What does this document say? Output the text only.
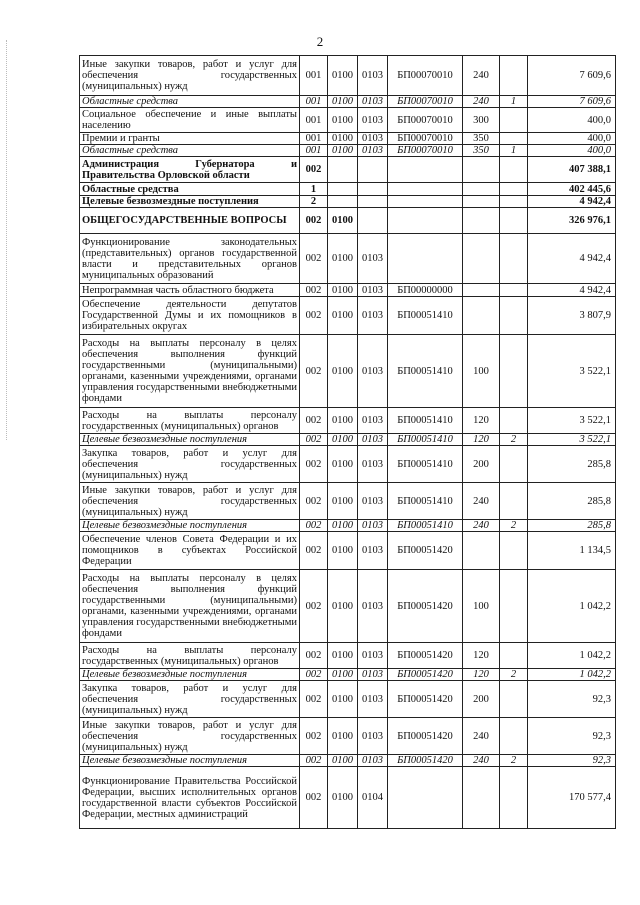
2
Иные закупки товаров, работ и услуг для обеспечения государственных (муниципальных) нужд	001	0100	0103	БП00070010	240		7 609,6
Областные средства	001	0100	0103	БП00070010	240	1	7 609,6
Социальное обеспечение и иные выплаты населению	001	0100	0103	БП00070010	300		400,0
Премии и гранты	001	0100	0103	БП00070010	350		400,0
Областные средства	001	0100	0103	БП00070010	350	1	400,0
Администрация Губернатора и Правительства Орловской области	002						407 388,1
Областные средства	1						402 445,6
Целевые безвозмездные поступления	2						4 942,4
ОБЩЕГОСУДАРСТВЕННЫЕ ВОПРОСЫ	002	0100					326 976,1
Функционирование законодательных (представительных) органов государственной власти и представительных органов муниципальных образований	002	0100	0103				4 942,4
Непрограммная часть областного бюджета	002	0100	0103	БП00000000			4 942,4
Обеспечение деятельности депутатов Государственной Думы и их помощников в избирательных округах	002	0100	0103	БП00051410			3 807,9
Расходы на выплаты персоналу в целях обеспечения выполнения функций государственными (муниципальными) органами, казенными учреждениями, органами управления государственными внебюджетными фондами	002	0100	0103	БП00051410	100		3 522,1
Расходы на выплаты персоналу государственных (муниципальных) органов	002	0100	0103	БП00051410	120		3 522,1
Целевые безвозмездные поступления	002	0100	0103	БП00051410	120	2	3 522,1
Закупка товаров, работ и услуг для обеспечения государственных (муниципальных) нужд	002	0100	0103	БП00051410	200		285,8
Иные закупки товаров, работ и услуг для обеспечения государственных (муниципальных) нужд	002	0100	0103	БП00051410	240		285,8
Целевые безвозмездные поступления	002	0100	0103	БП00051410	240	2	285,8
Обеспечение членов Совета Федерации и их помощников в субъектах Российской Федерации	002	0100	0103	БП00051420			1 134,5
Расходы на выплаты персоналу в целях обеспечения выполнения функций государственными (муниципальными) органами, казенными учреждениями, органами управления государственными внебюджетными фондами	002	0100	0103	БП00051420	100		1 042,2
Расходы на выплаты персоналу государственных (муниципальных) органов	002	0100	0103	БП00051420	120		1 042,2
Целевые безвозмездные поступления	002	0100	0103	БП00051420	120	2	1 042,2
Закупка товаров, работ и услуг для обеспечения государственных (муниципальных) нужд	002	0100	0103	БП00051420	200		92,3
Иные закупки товаров, работ и услуг для обеспечения государственных (муниципальных) нужд	002	0100	0103	БП00051420	240		92,3
Целевые безвозмездные поступления	002	0100	0103	БП00051420	240	2	92,3
Функционирование Правительства Российской Федерации, высших исполнительных органов государственной власти субъектов Российской Федерации, местных администраций	002	0100	0104				170 577,4
